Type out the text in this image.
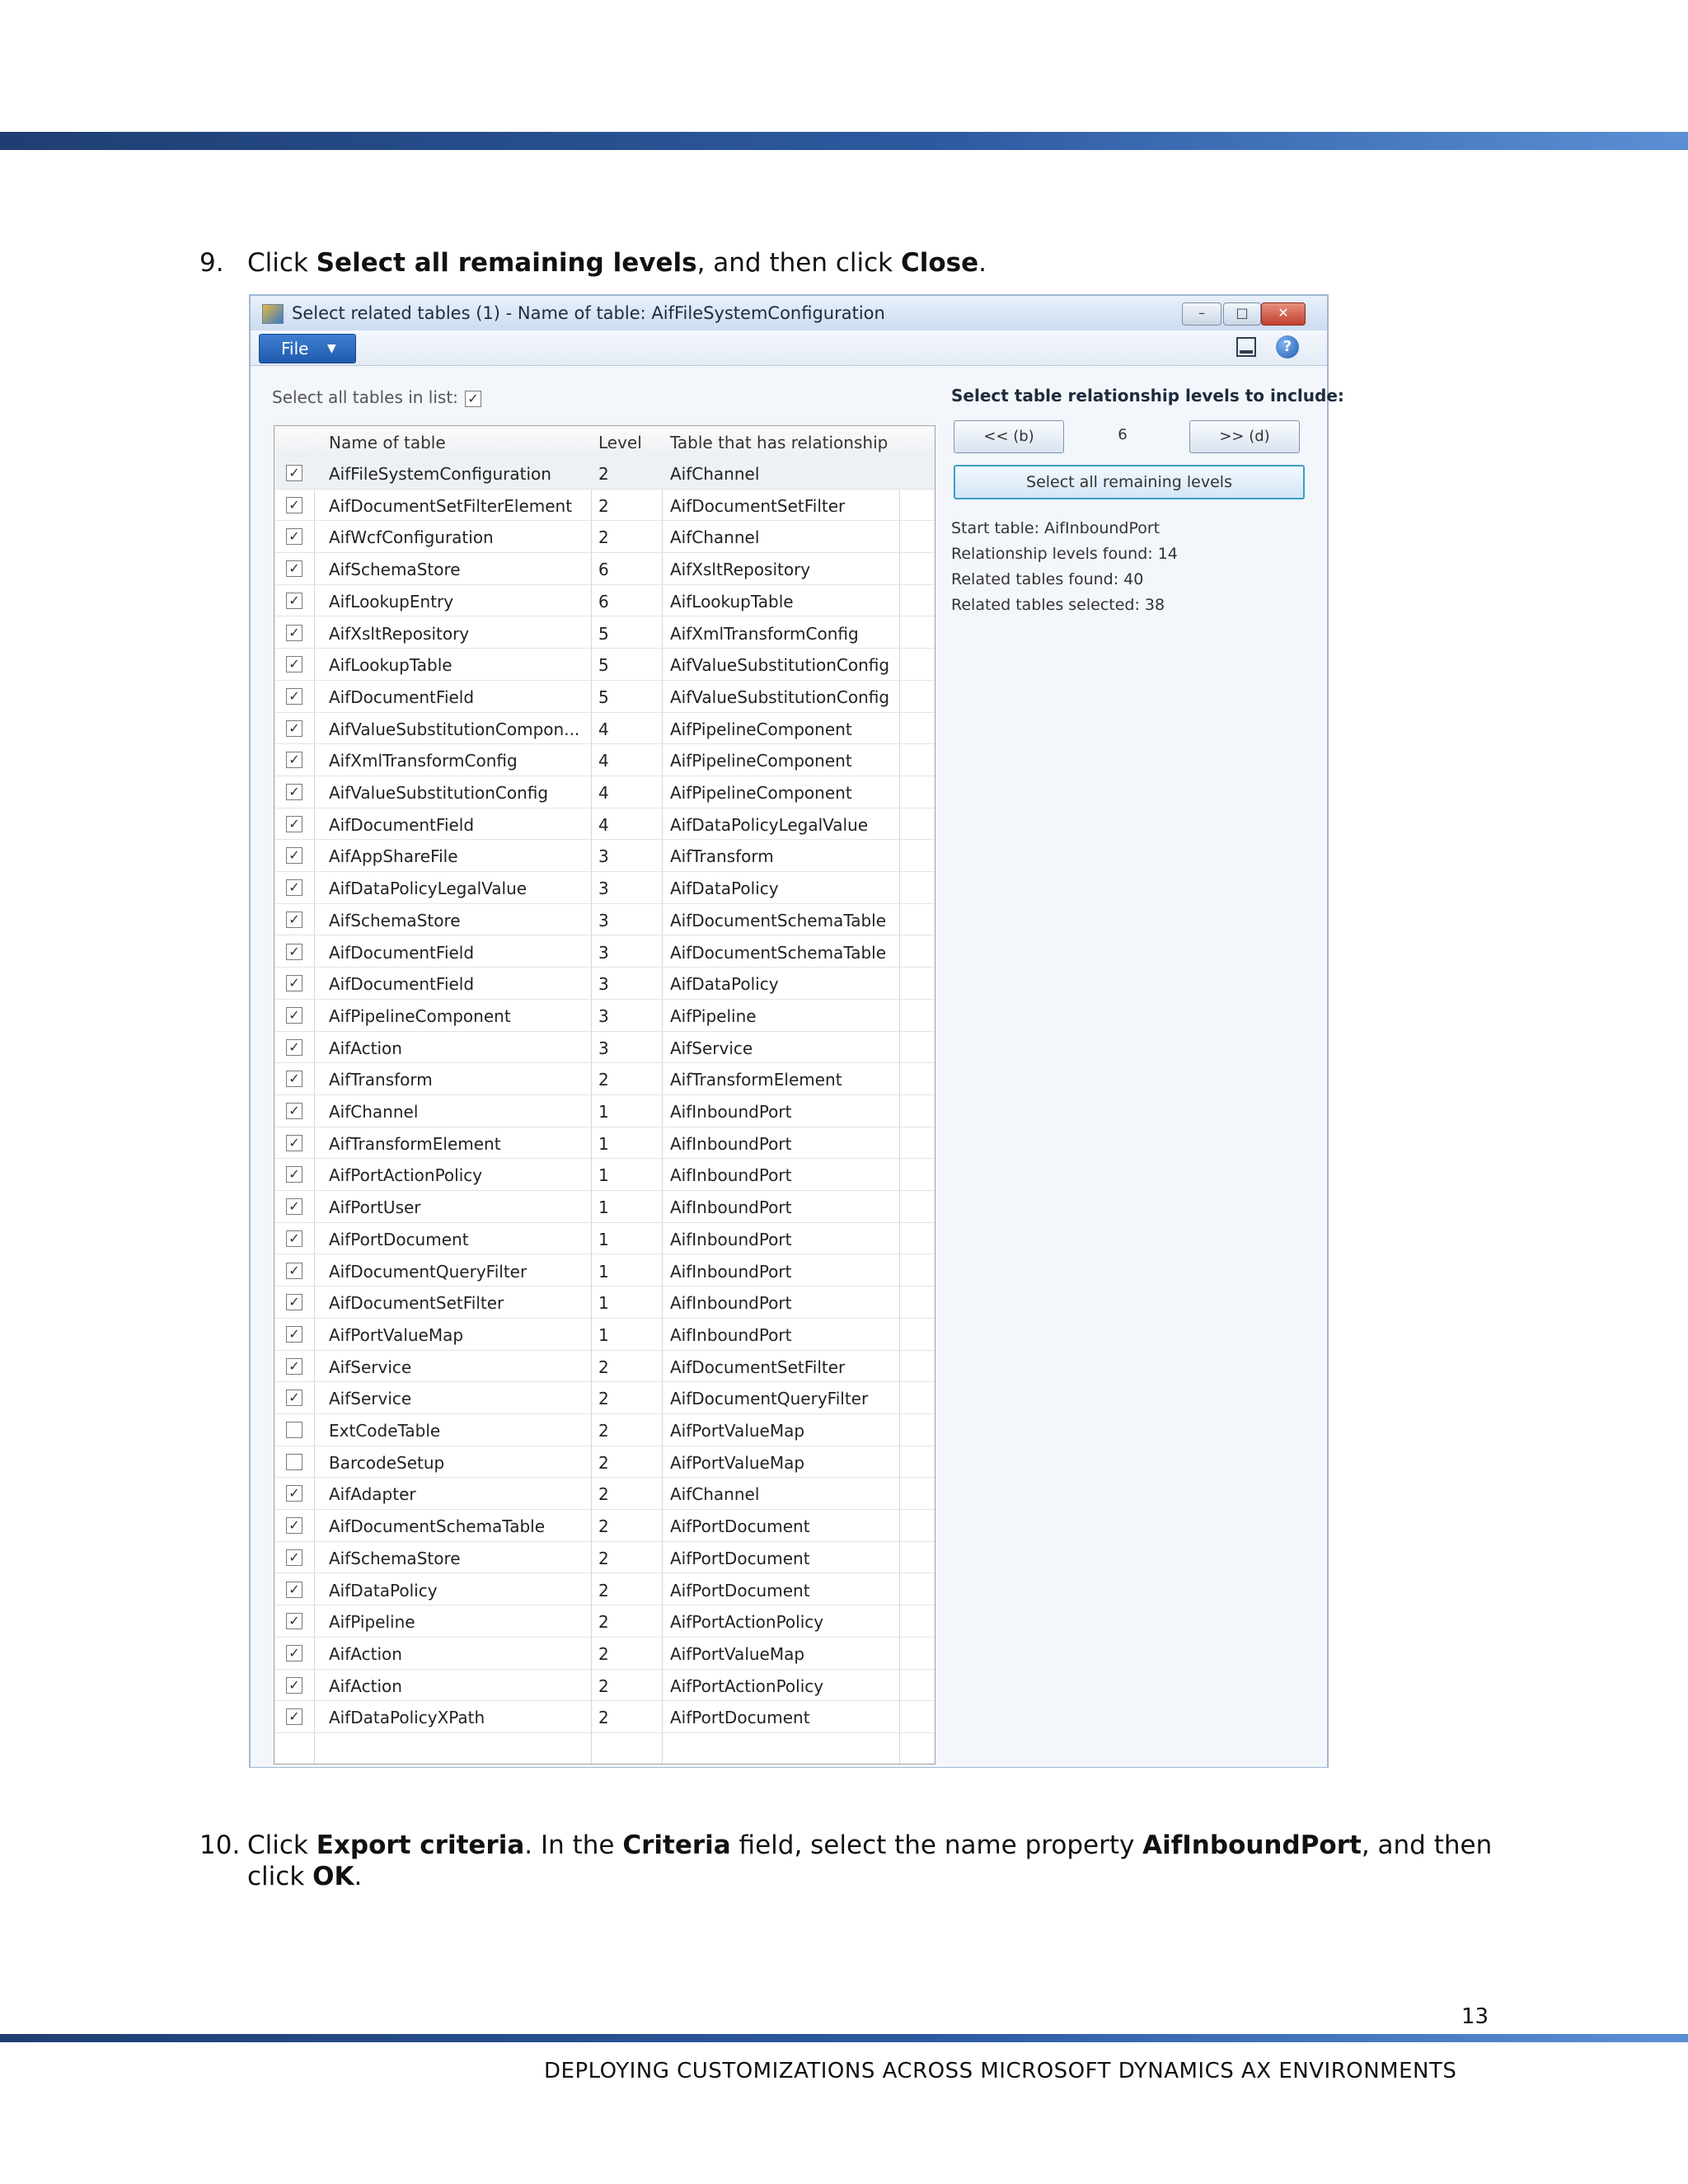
9. Click Select all remaining levels, and then click Close.
Select related tables (1) - Name of table: AifFileSystemConfiguration	–	□	✕
File ▼	?
Select all tables in list: ✓
Name of table	Level Table that has relationship
✓ AifFileSystemConfiguration	2	AifChannel
✓ AifDocumentSetFilterElement	2	AifDocumentSetFilter
✓ AifWcfConfiguration	2	AifChannel
✓ AifSchemaStore	6	AifXsltRepository
✓ AifLookupEntry	6	AifLookupTable
✓ AifXsltRepository	5	AifXmlTransformConfig
✓ AifLookupTable	5	AifValueSubstitutionConfig
✓ AifDocumentField	5	AifValueSubstitutionConfig
✓ AifValueSubstitutionCompon...	4	AifPipelineComponent
✓ AifXmlTransformConfig	4	AifPipelineComponent
✓ AifValueSubstitutionConfig	4	AifPipelineComponent
✓ AifDocumentField	4	AifDataPolicyLegalValue
✓ AifAppShareFile	3	AifTransform
✓ AifDataPolicyLegalValue	3	AifDataPolicy
✓ AifSchemaStore	3	AifDocumentSchemaTable
✓ AifDocumentField	3	AifDocumentSchemaTable
✓ AifDocumentField	3	AifDataPolicy
✓ AifPipelineComponent	3	AifPipeline
✓ AifAction	3	AifService
✓ AifTransform	2	AifTransformElement
✓ AifChannel	1	AifInboundPort
✓ AifTransformElement	1	AifInboundPort
✓ AifPortActionPolicy	1	AifInboundPort
✓ AifPortUser	1	AifInboundPort
✓ AifPortDocument	1	AifInboundPort
✓ AifDocumentQueryFilter	1	AifInboundPort
✓ AifDocumentSetFilter	1	AifInboundPort
✓ AifPortValueMap	1	AifInboundPort
✓ AifService	2	AifDocumentSetFilter
✓ AifService	2	AifDocumentQueryFilter
ExtCodeTable	2	AifPortValueMap
BarcodeSetup	2	AifPortValueMap
✓ AifAdapter	2	AifChannel
✓ AifDocumentSchemaTable	2	AifPortDocument
✓ AifSchemaStore	2	AifPortDocument
✓ AifDataPolicy	2	AifPortDocument
✓ AifPipeline	2	AifPortActionPolicy
✓ AifAction	2	AifPortValueMap
✓ AifAction	2	AifPortActionPolicy
✓ AifDataPolicyXPath	2	AifPortDocument
Select table relationship levels to include:
<< (b)	6	>> (d)
Select all remaining levels
Start table: AifInboundPort
Relationship levels found: 14
Related tables found: 40
Related tables selected: 38
10. Click Export criteria. In the Criteria field, select the name property AifInboundPort, and then click OK.
13
DEPLOYING CUSTOMIZATIONS ACROSS MICROSOFT DYNAMICS AX ENVIRONMENTS
